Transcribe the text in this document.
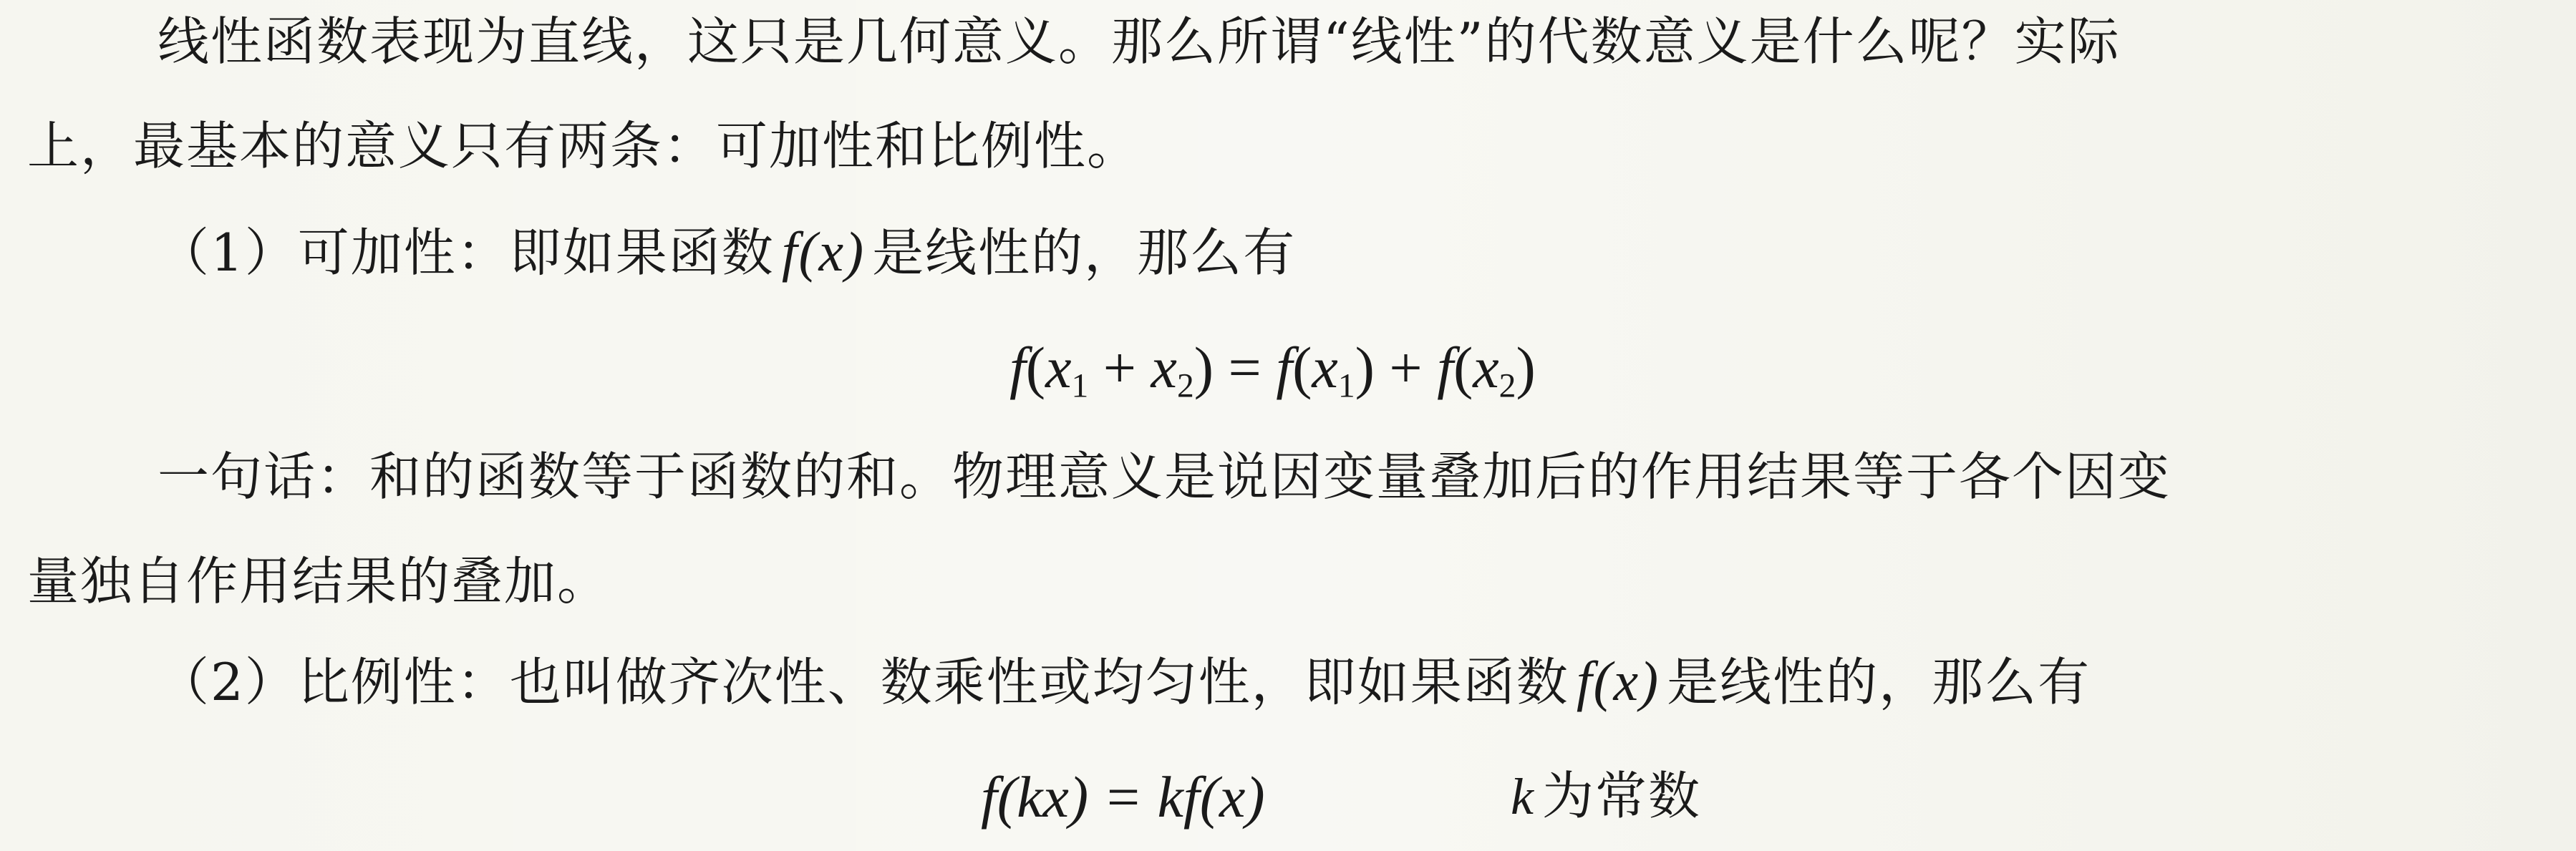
线性函数表现为直线，这只是几何意义。那么所谓“线性”的代数意义是什么呢？实际
上，最基本的意义只有两条：可加性和比例性。
（1）可加性：即如果函数 f(x) 是线性的，那么有
$f(x_1 + x_2) = f(x_1) + f(x_2)$
一句话：和的函数等于函数的和。物理意义是说因变量叠加后的作用结果等于各个因变
量独自作用结果的叠加。
（2）比例性：也叫做齐次性、数乘性或均匀性，即如果函数 f(x) 是线性的，那么有
f(kx) = kf(x)	k 为常数
